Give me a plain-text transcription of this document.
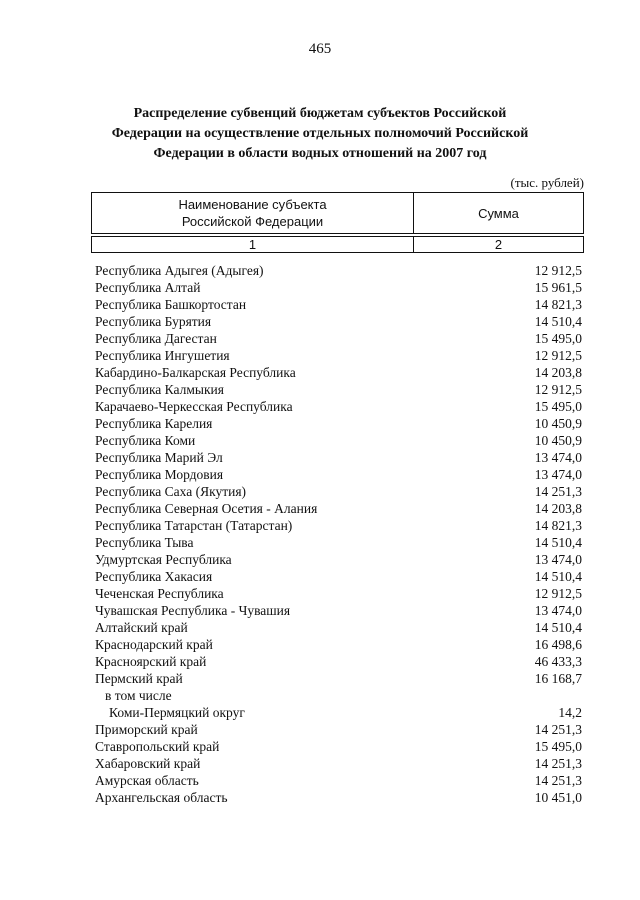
465
Распределение субвенций бюджетам субъектов Российской
Федерации на осуществление отдельных полномочий Российской
Федерации в области водных отношений на 2007 год
(тыс. рублей)
Наименование субъекта
Российской Федерации
Сумма
1	2
Республика Адыгея (Адыгея)	12 912,5
Республика Алтай	15 961,5
Республика Башкортостан	14 821,3
Республика Бурятия	14 510,4
Республика Дагестан	15 495,0
Республика Ингушетия	12 912,5
Кабардино-Балкарская Республика	14 203,8
Республика Калмыкия	12 912,5
Карачаево-Черкесская Республика	15 495,0
Республика Карелия	10 450,9
Республика Коми	10 450,9
Республика Марий Эл	13 474,0
Республика Мордовия	13 474,0
Республика Саха (Якутия)	14 251,3
Республика Северная Осетия - Алания	14 203,8
Республика Татарстан (Татарстан)	14 821,3
Республика Тыва	14 510,4
Удмуртская Республика	13 474,0
Республика Хакасия	14 510,4
Чеченская Республика	12 912,5
Чувашская Республика - Чувашия	13 474,0
Алтайский край	14 510,4
Краснодарский край	16 498,6
Красноярский край	46 433,3
Пермский край	16 168,7
в том числе
Коми-Пермяцкий округ	14,2
Приморский край	14 251,3
Ставропольский край	15 495,0
Хабаровский край	14 251,3
Амурская область	14 251,3
Архангельская область	10 451,0
